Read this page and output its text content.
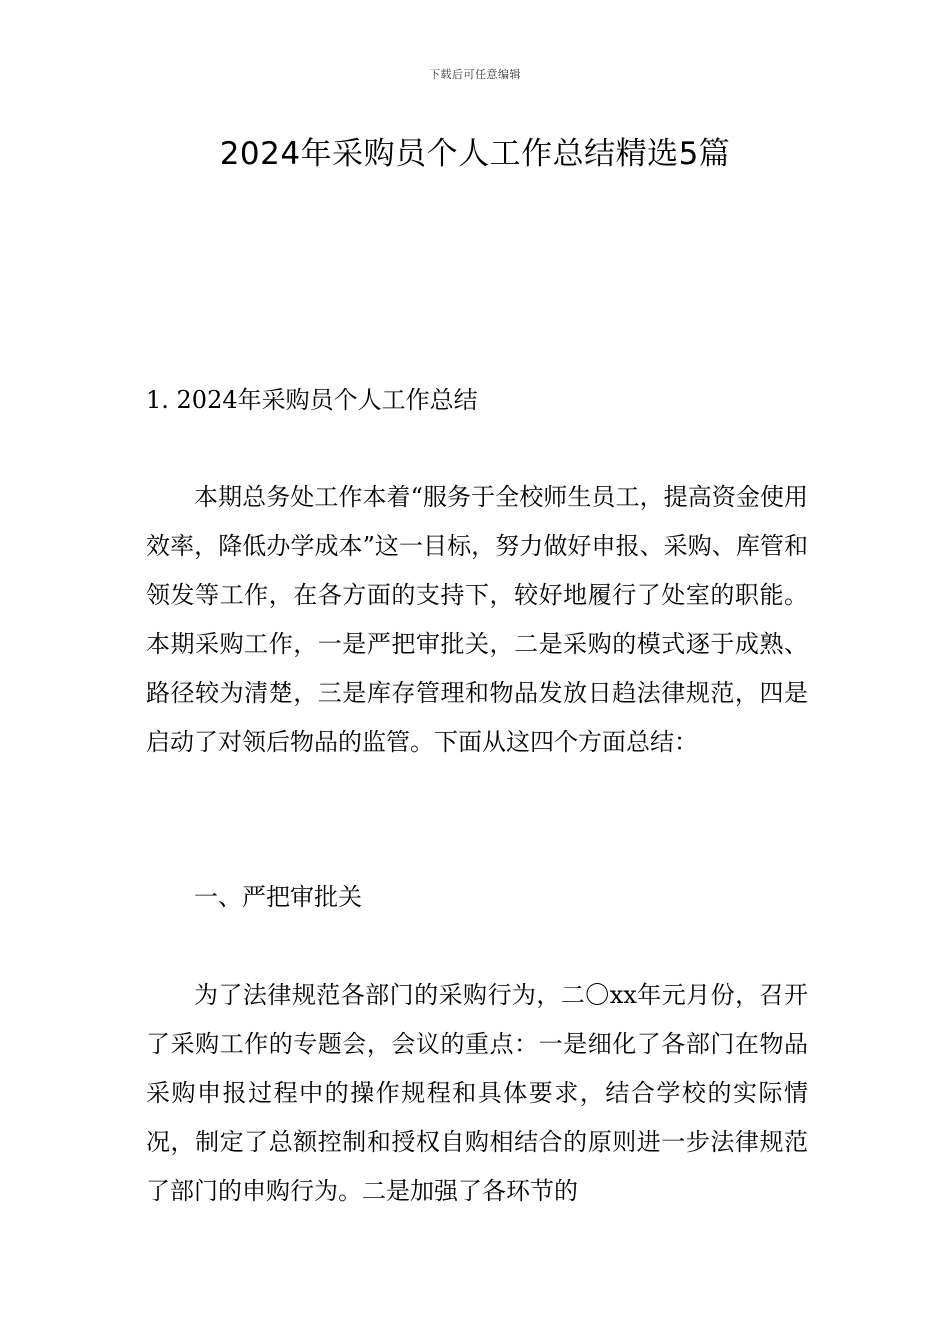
下载后可任意编辑
2024年采购员个人工作总结精选5篇
1. 2024年采购员个人工作总结

本期总务处工作本着“服务于全校师生员工，提高资金使用效率，降低办学成本”这一目标，努力做好申报、采购、库管和领发等工作，在各方面的支持下，较好地履行了处室的职能。本期采购工作，一是严把审批关，二是采购的模式逐于成熟、路径较为清楚，三是库存管理和物品发放日趋法律规范，四是启动了对领后物品的监管。下面从这四个方面总结：

一、严把审批关

为了法律规范各部门的采购行为，二〇xx年元月份，召开了采购工作的专题会，会议的重点：一是细化了各部门在物品采购申报过程中的操作规程和具体要求，结合学校的实际情况，制定了总额控制和授权自购相结合的原则进一步法律规范了部门的申购行为。二是加强了各环节的
